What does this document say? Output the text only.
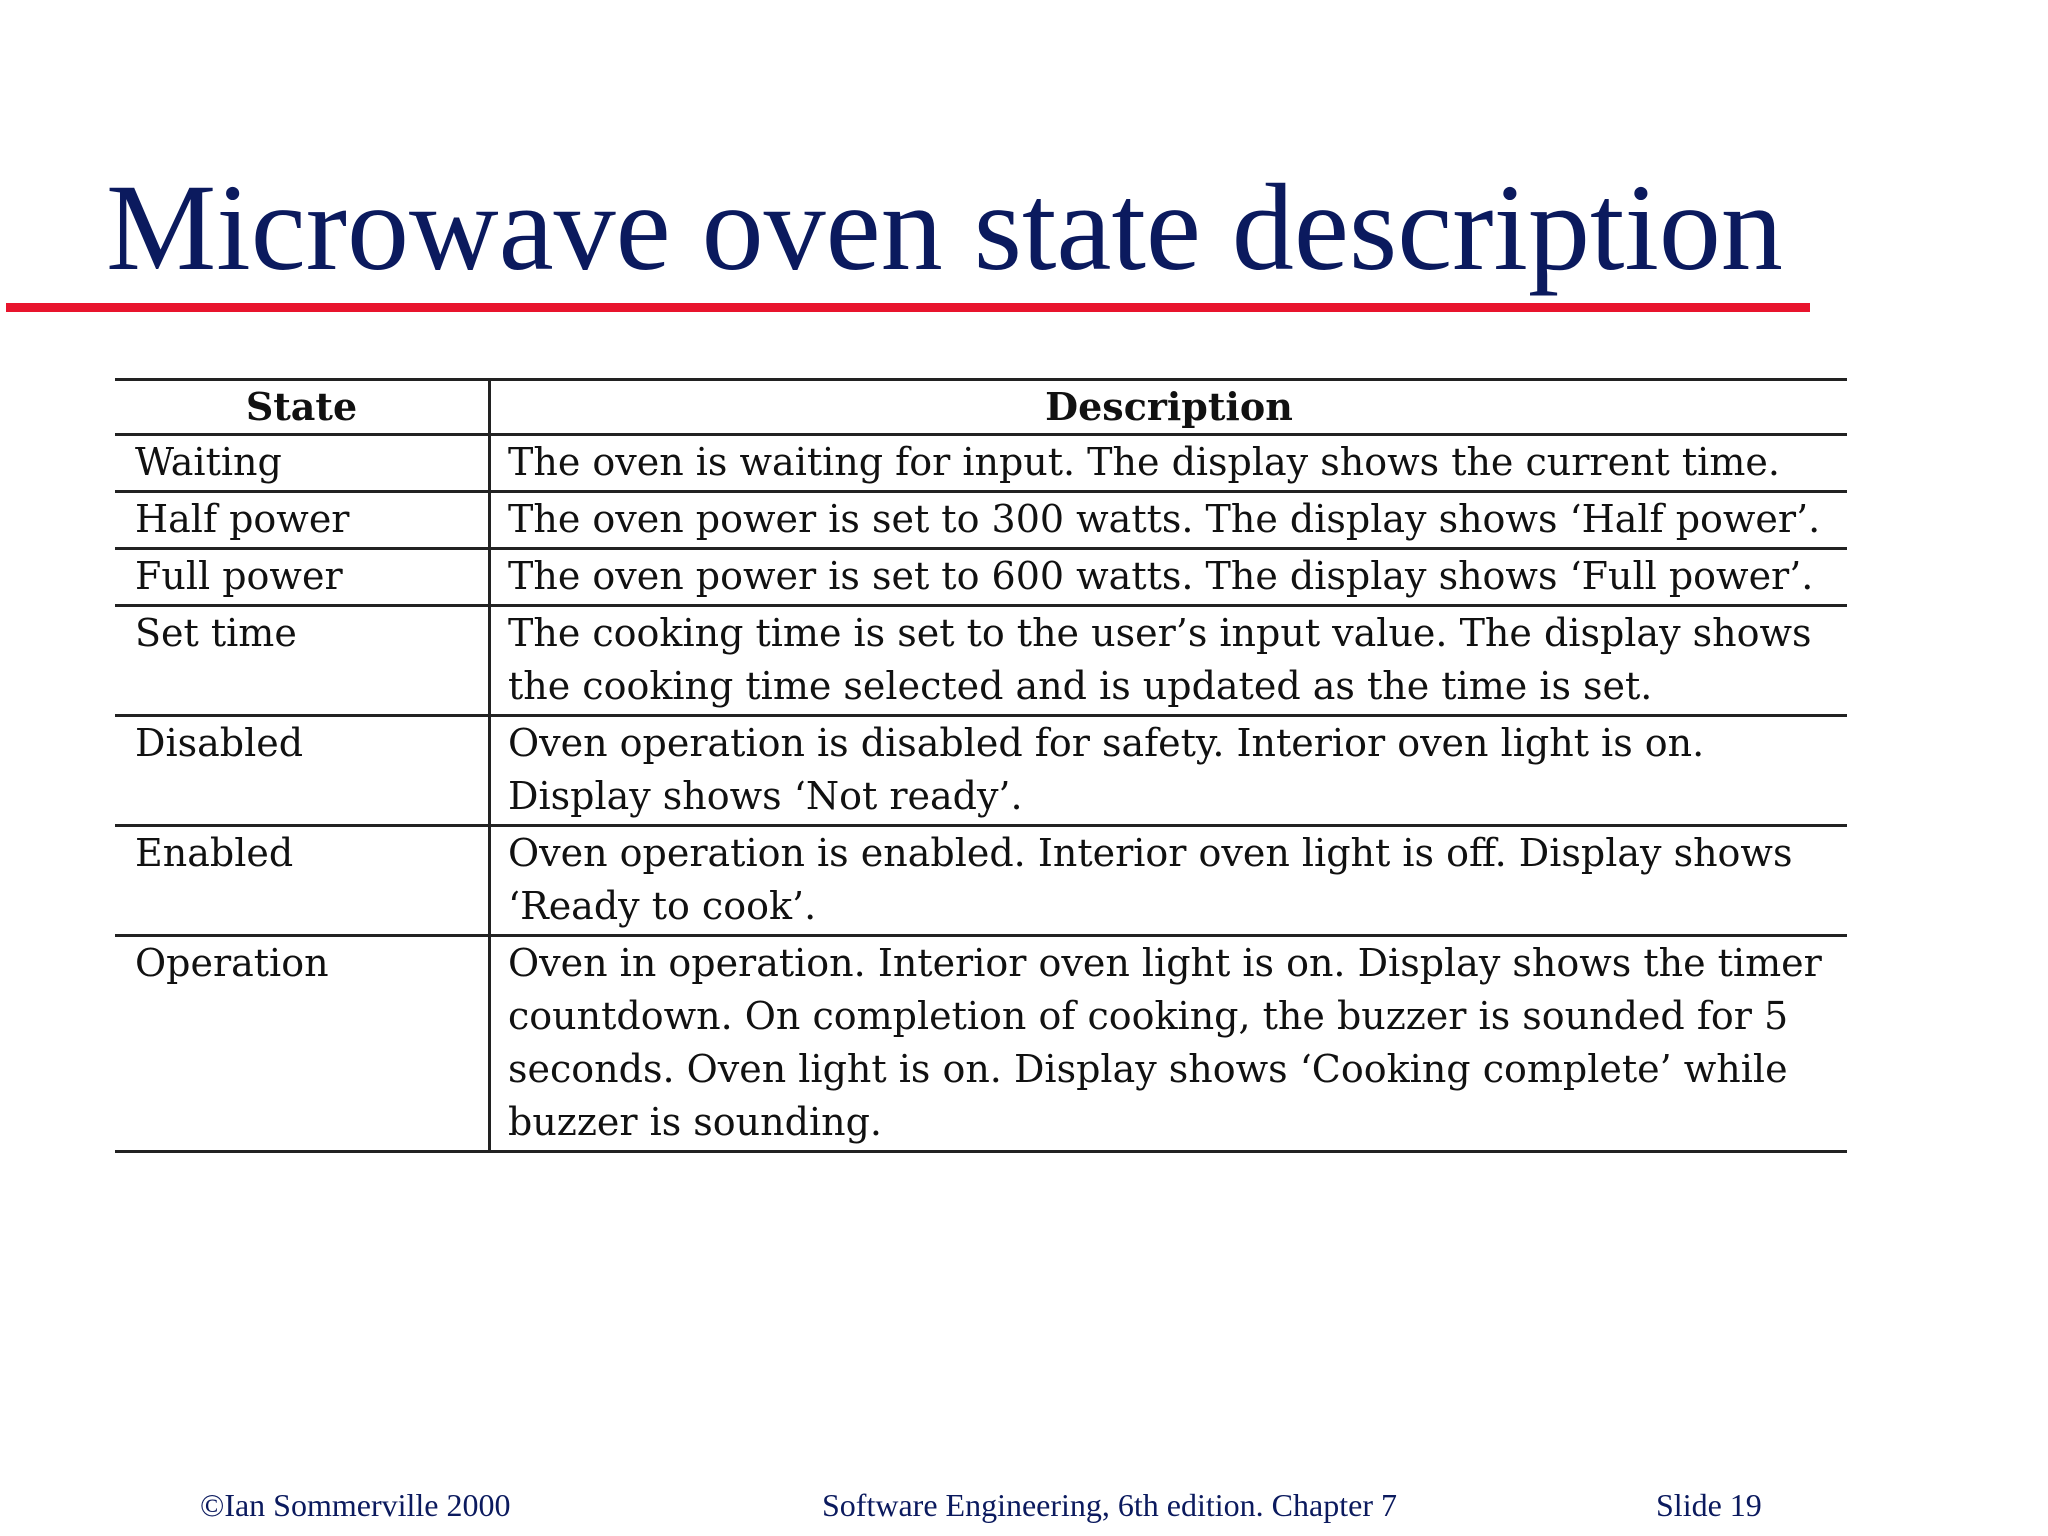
Microwave oven state description
State	Description
Waiting	The oven is waiting for input. The display shows the current time.
Half power	The oven power is set to 300 watts. The display shows ‘Half power’.
Full power	The oven power is set to 600 watts. The display shows ‘Full power’.
Set time	The cooking time is set to the user’s input value. The display shows the cooking time selected and is updated as the time is set.
Disabled	Oven operation is disabled for safety. Interior oven light is on. Display shows ‘Not ready’.
Enabled	Oven operation is enabled. Interior oven light is off. Display shows ‘Ready to cook’.
Operation	Oven in operation. Interior oven light is on. Display shows the timer countdown. On completion of cooking, the buzzer is sounded for 5 seconds. Oven light is on. Display shows ‘Cooking complete’ while buzzer is sounding.
©Ian Sommerville 2000	Software Engineering, 6th edition. Chapter 7	Slide 19
